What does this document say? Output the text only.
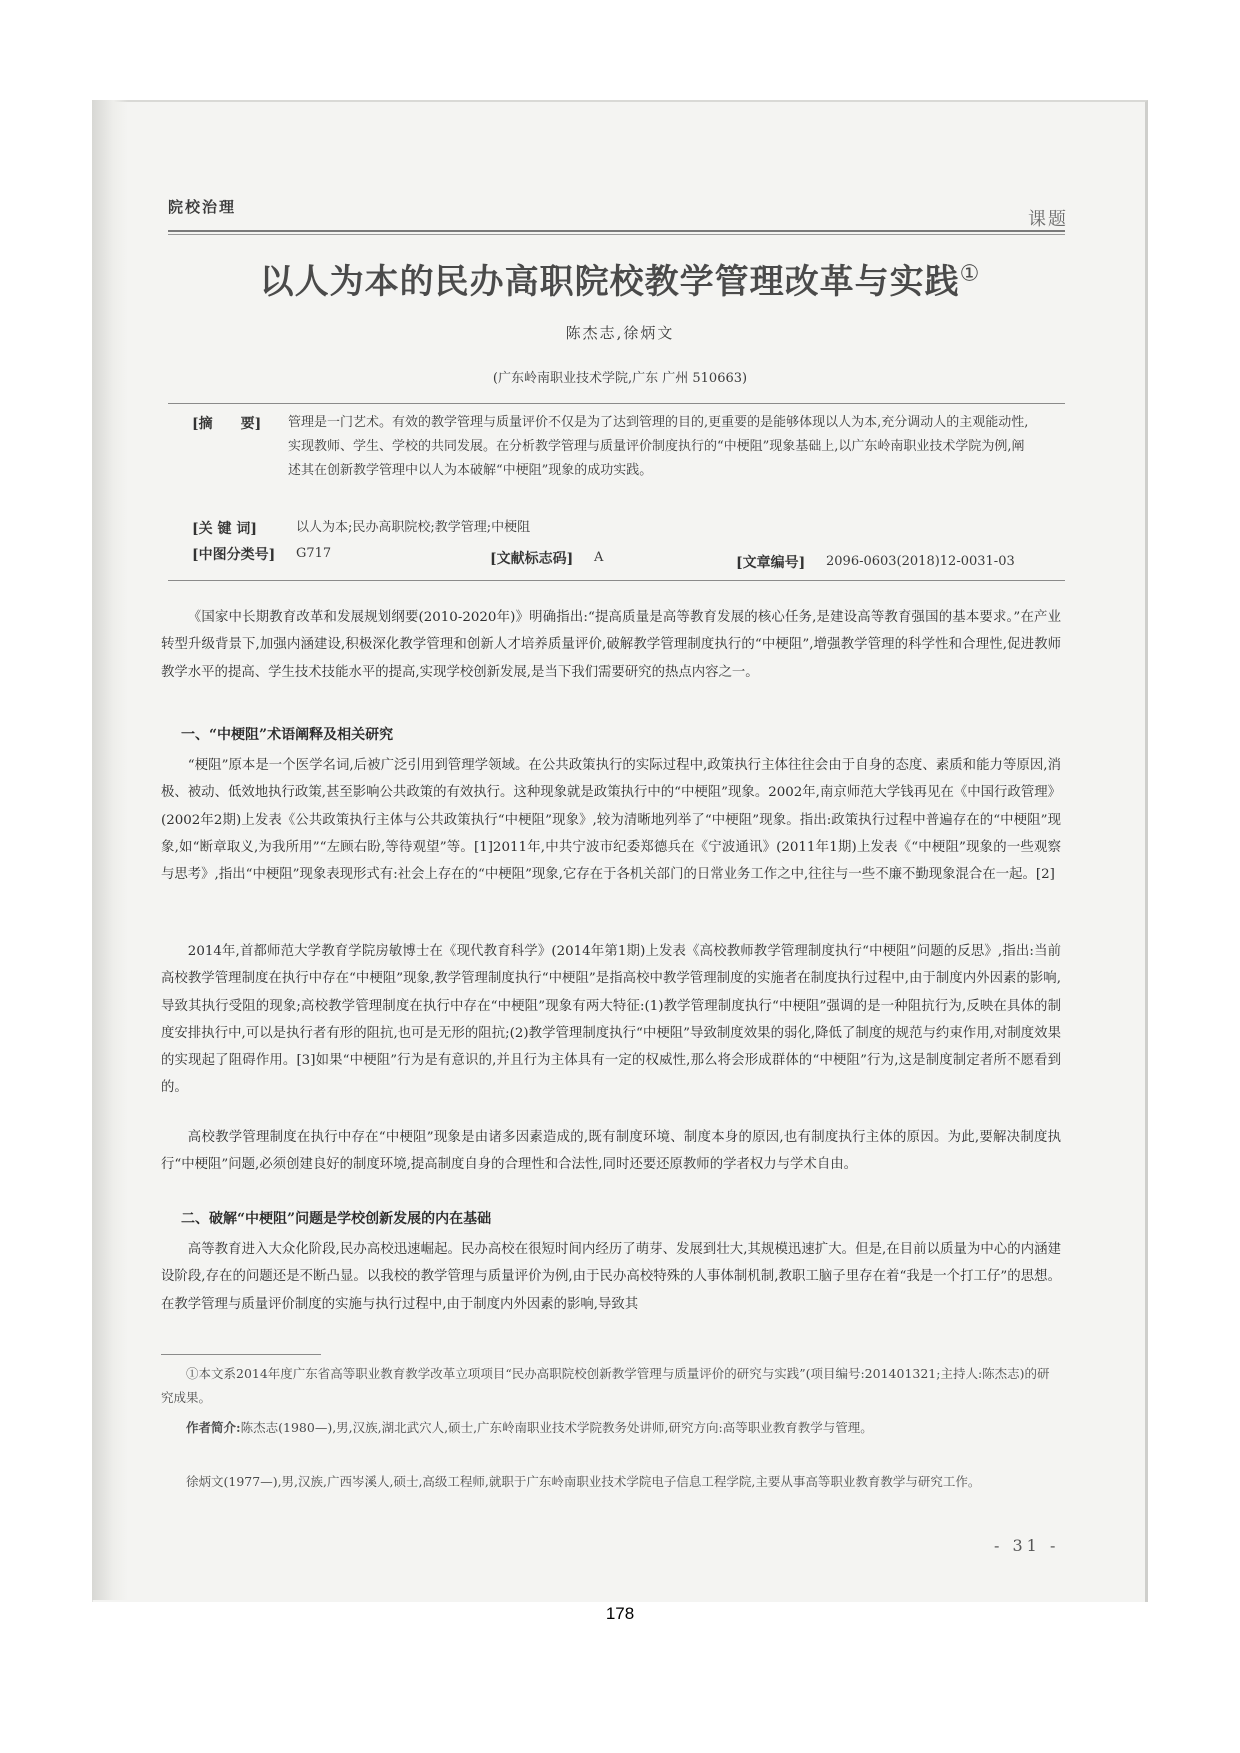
院校治理
课题
以人为本的民办高职院校教学管理改革与实践①
陈杰志,徐炳文
(广东岭南职业技术学院,广东 广州 510663)
[摘　　要] 管理是一门艺术。有效的教学管理与质量评价不仅是为了达到管理的目的,更重要的是能够体现以人为本,充分调动人的主观能动性,实现教师、学生、学校的共同发展。在分析教学管理与质量评价制度执行的“中梗阻”现象基础上,以广东岭南职业技术学院为例,阐述其在创新教学管理中以人为本破解“中梗阻”现象的成功实践。
[关 键 词]	以人为本;民办高职院校;教学管理;中梗阻
[中图分类号] G717	[文献标志码] A	[文章编号] 2096-0603(2018)12-0031-03
《国家中长期教育改革和发展规划纲要(2010-2020年)》明确指出:“提高质量是高等教育发展的核心任务,是建设高等教育强国的基本要求。”在产业转型升级背景下,加强内涵建设,积极深化教学管理和创新人才培养质量评价,破解教学管理制度执行的“中梗阻”,增强教学管理的科学性和合理性,促进教师教学水平的提高、学生技术技能水平的提高,实现学校创新发展,是当下我们需要研究的热点内容之一。
一、“中梗阻”术语阐释及相关研究
“梗阻”原本是一个医学名词,后被广泛引用到管理学领域。在公共政策执行的实际过程中,政策执行主体往往会由于自身的态度、素质和能力等原因,消极、被动、低效地执行政策,甚至影响公共政策的有效执行。这种现象就是政策执行中的“中梗阻”现象。2002年,南京师范大学钱再见在《中国行政管理》(2002年2期)上发表《公共政策执行主体与公共政策执行“中梗阻”现象》,较为清晰地列举了“中梗阻”现象。指出:政策执行过程中普遍存在的“中梗阻”现象,如“断章取义,为我所用”“左顾右盼,等待观望”等。[1]2011年,中共宁波市纪委郑德兵在《宁波通讯》(2011年1期)上发表《“中梗阻”现象的一些观察与思考》,指出“中梗阻”现象表现形式有:社会上存在的“中梗阻”现象,它存在于各机关部门的日常业务工作之中,往往与一些不廉不勤现象混合在一起。[2]
2014年,首都师范大学教育学院房敏博士在《现代教育科学》(2014年第1期)上发表《高校教师教学管理制度执行“中梗阻”问题的反思》,指出:当前高校教学管理制度在执行中存在“中梗阻”现象,教学管理制度执行“中梗阻”是指高校中教学管理制度的实施者在制度执行过程中,由于制度内外因素的影响,导致其执行受阻的现象;高校教学管理制度在执行中存在“中梗阻”现象有两大特征:(1)教学管理制度执行“中梗阻”强调的是一种阻抗行为,反映在具体的制度安排执行中,可以是执行者有形的阻抗,也可是无形的阻抗;(2)教学管理制度执行“中梗阻”导致制度效果的弱化,降低了制度的规范与约束作用,对制度效果的实现起了阻碍作用。[3]如果“中梗阻”行为是有意识的,并且行为主体具有一定的权威性,那么将会形成群体的“中梗阻”行为,这是制度制定者所不愿看到的。
高校教学管理制度在执行中存在“中梗阻”现象是由诸多因素造成的,既有制度环境、制度本身的原因,也有制度执行主体的原因。为此,要解决制度执行“中梗阻”问题,必须创建良好的制度环境,提高制度自身的合理性和合法性,同时还要还原教师的学者权力与学术自由。
二、破解“中梗阻”问题是学校创新发展的内在基础
高等教育进入大众化阶段,民办高校迅速崛起。民办高校在很短时间内经历了萌芽、发展到壮大,其规模迅速扩大。但是,在目前以质量为中心的内涵建设阶段,存在的问题还是不断凸显。以我校的教学管理与质量评价为例,由于民办高校特殊的人事体制机制,教职工脑子里存在着“我是一个打工仔”的思想。在教学管理与质量评价制度的实施与执行过程中,由于制度内外因素的影响,导致其
①本文系2014年度广东省高等职业教育教学改革立项项目“民办高职院校创新教学管理与质量评价的研究与实践”(项目编号:201401321;主持人:陈杰志)的研究成果。
作者简介:陈杰志(1980—),男,汉族,湖北武穴人,硕士,广东岭南职业技术学院教务处讲师,研究方向:高等职业教育教学与管理。
徐炳文(1977—),男,汉族,广西岑溪人,硕士,高级工程师,就职于广东岭南职业技术学院电子信息工程学院,主要从事高等职业教育教学与研究工作。
- 31 -
178
